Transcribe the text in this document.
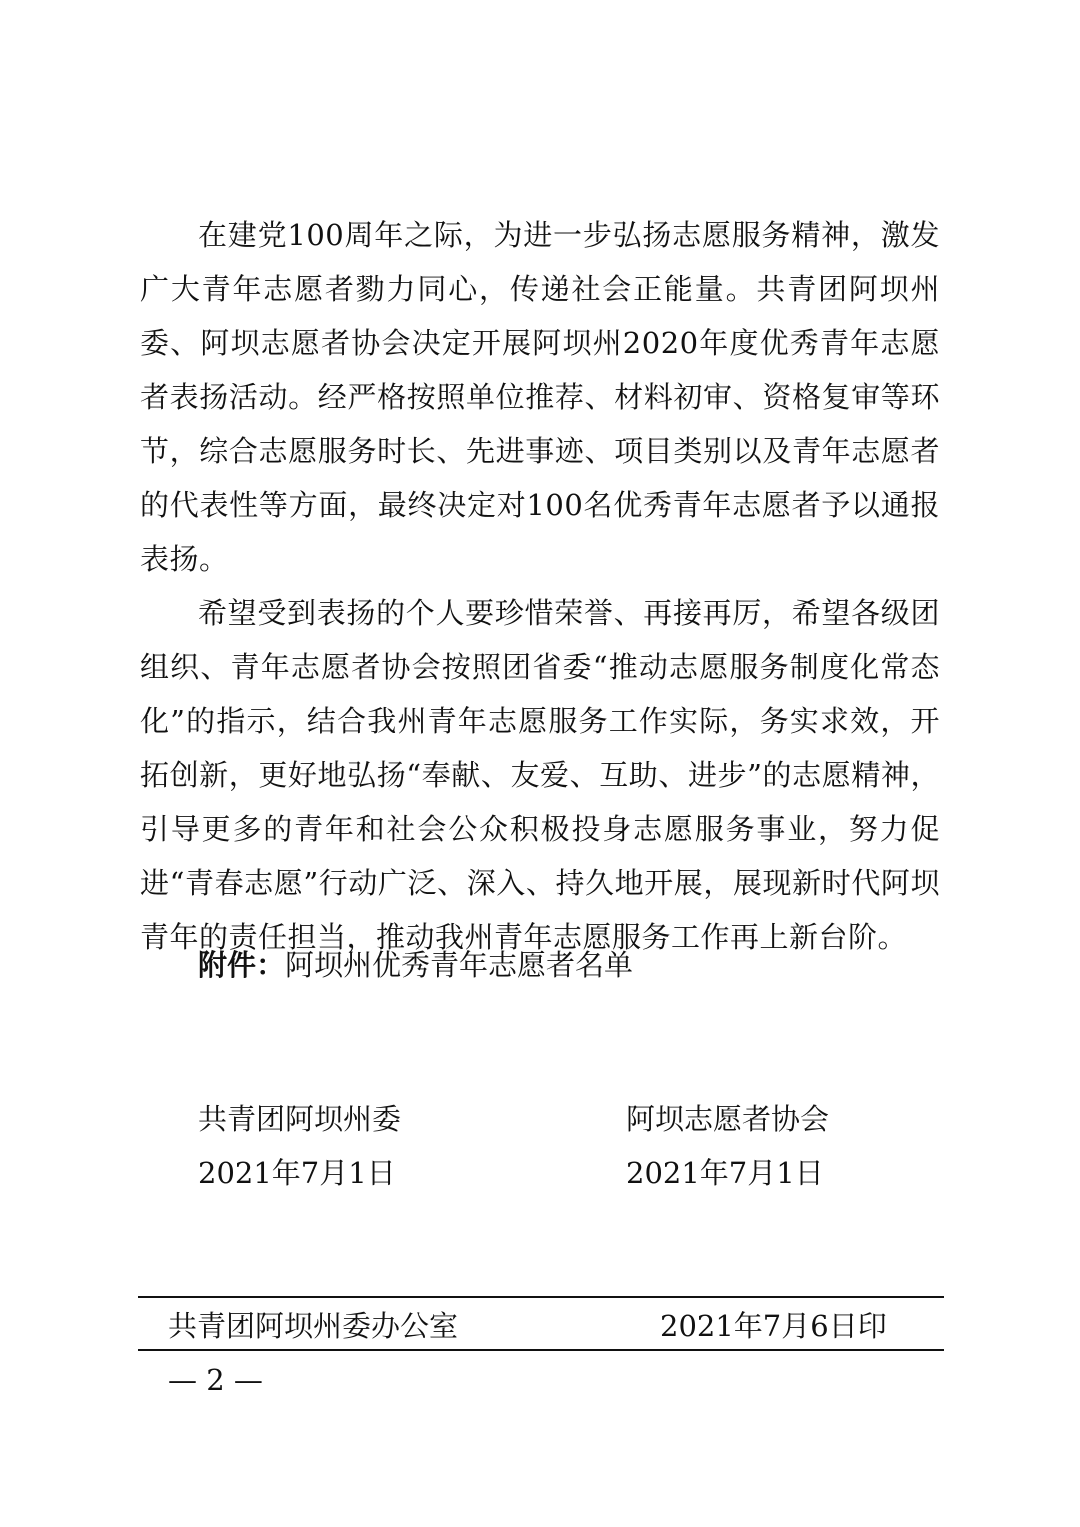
在建党100周年之际，为进一步弘扬志愿服务精神，激发广大青年志愿者勠力同心，传递社会正能量。共青团阿坝州委、阿坝志愿者协会决定开展阿坝州2020年度优秀青年志愿者表扬活动。经严格按照单位推荐、材料初审、资格复审等环节，综合志愿服务时长、先进事迹、项目类别以及青年志愿者的代表性等方面，最终决定对100名优秀青年志愿者予以通报表扬。

希望受到表扬的个人要珍惜荣誉、再接再厉，希望各级团组织、青年志愿者协会按照团省委“推动志愿服务制度化常态化”的指示，结合我州青年志愿服务工作实际，务实求效，开拓创新，更好地弘扬“奉献、友爱、互助、进步”的志愿精神，引导更多的青年和社会公众积极投身志愿服务事业，努力促进“青春志愿”行动广泛、深入、持久地开展，展现新时代阿坝青年的责任担当，推动我州青年志愿服务工作再上新台阶。

附件：阿坝州优秀青年志愿者名单
共青团阿坝州委
2021年7月1日
阿坝志愿者协会
2021年7月1日
共青团阿坝州委办公室	2021年7月6日印
— 2 —
